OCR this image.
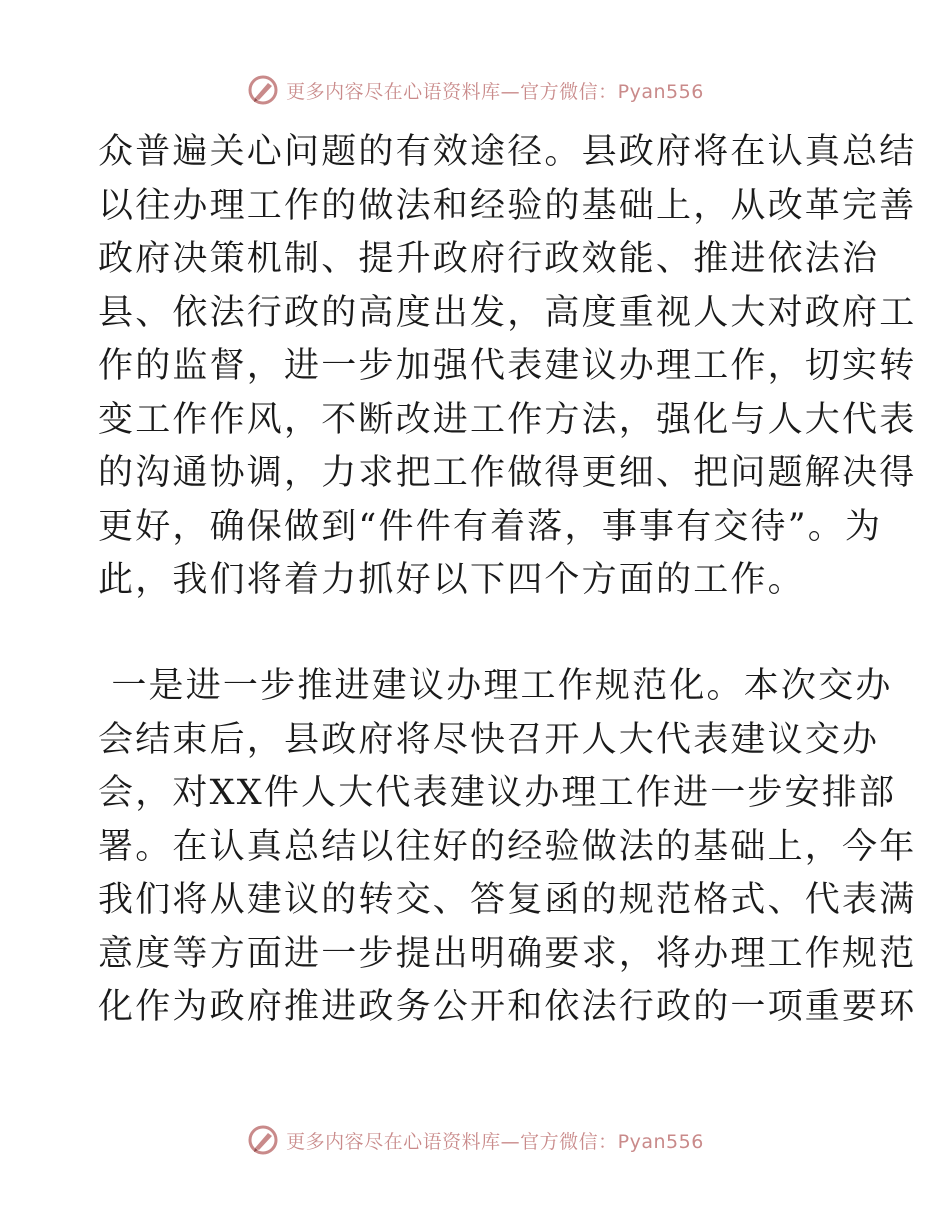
更多内容尽在心语资料库—官方微信：Pyan556
众普遍关心问题的有效途径。县政府将在认真总结
以往办理工作的做法和经验的基础上，从改革完善
政府决策机制、提升政府行政效能、推进依法治
县、依法行政的高度出发，高度重视人大对政府工
作的监督，进一步加强代表建议办理工作，切实转
变工作作风，不断改进工作方法，强化与人大代表
的沟通协调，力求把工作做得更细、把问题解决得
更好，确保做到“件件有着落，事事有交待”。为
此，我们将着力抓好以下四个方面的工作。
一是进一步推进建议办理工作规范化。本次交办
会结束后，县政府将尽快召开人大代表建议交办
会，对XX件人大代表建议办理工作进一步安排部
署。在认真总结以往好的经验做法的基础上，今年
我们将从建议的转交、答复函的规范格式、代表满
意度等方面进一步提出明确要求，将办理工作规范
化作为政府推进政务公开和依法行政的一项重要环
更多内容尽在心语资料库—官方微信：Pyan556
